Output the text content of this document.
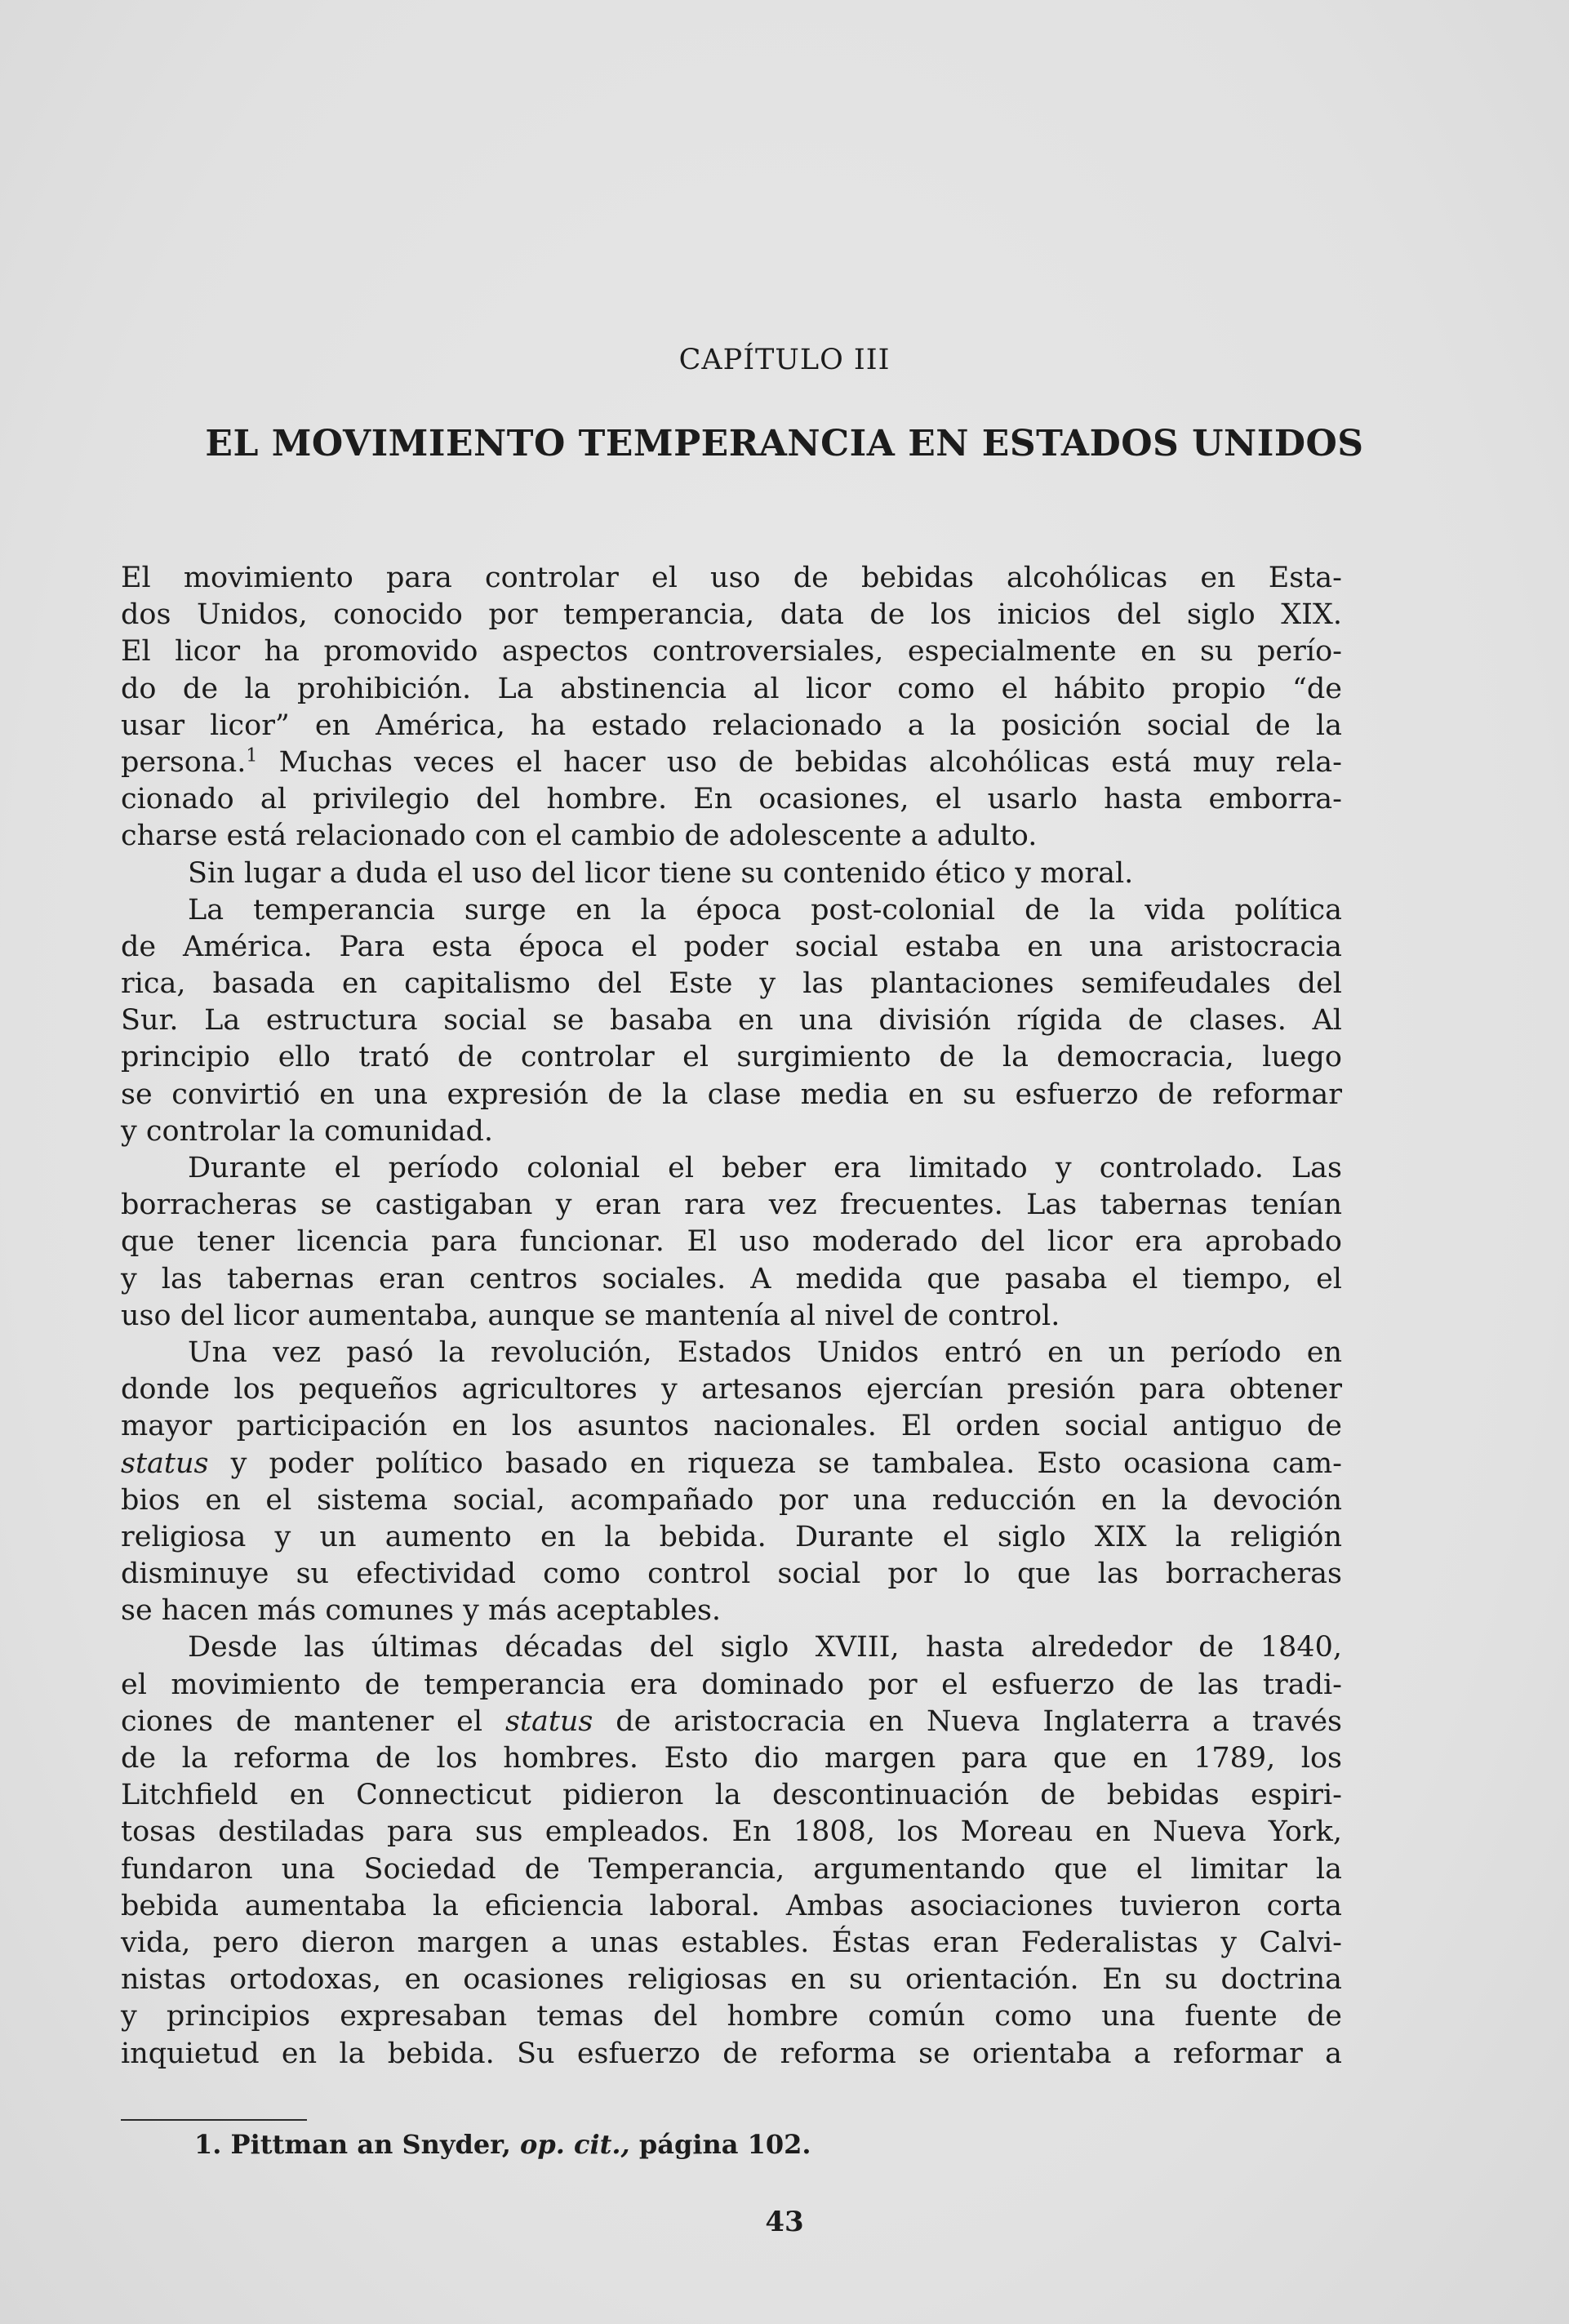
CAPÍTULO III
EL MOVIMIENTO TEMPERANCIA EN ESTADOS UNIDOS
El movimiento para controlar el uso de bebidas alcohólicas en Esta-
dos Unidos, conocido por temperancia, data de los inicios del siglo XIX.
El licor ha promovido aspectos controversiales, especialmente en su perío-
do de la prohibición. La abstinencia al licor como el hábito propio “de
usar licor” en América, ha estado relacionado a la posición social de la
persona.$^1$ Muchas veces el hacer uso de bebidas alcohólicas está muy rela-
cionado al privilegio del hombre. En ocasiones, el usarlo hasta emborra-
charse está relacionado con el cambio de adolescente a adulto.
Sin lugar a duda el uso del licor tiene su contenido ético y moral.
La temperancia surge en la época post-colonial de la vida política
de América. Para esta época el poder social estaba en una aristocracia
rica, basada en capitalismo del Este y las plantaciones semifeudales del
Sur. La estructura social se basaba en una división rígida de clases. Al
principio ello trató de controlar el surgimiento de la democracia, luego
se convirtió en una expresión de la clase media en su esfuerzo de reformar
y controlar la comunidad.
Durante el período colonial el beber era limitado y controlado. Las
borracheras se castigaban y eran rara vez frecuentes. Las tabernas tenían
que tener licencia para funcionar. El uso moderado del licor era aprobado
y las tabernas eran centros sociales. A medida que pasaba el tiempo, el
uso del licor aumentaba, aunque se mantenía al nivel de control.
Una vez pasó la revolución, Estados Unidos entró en un período en
donde los pequeños agricultores y artesanos ejercían presión para obtener
mayor participación en los asuntos nacionales. El orden social antiguo de
status y poder político basado en riqueza se tambalea. Esto ocasiona cam-
bios en el sistema social, acompañado por una reducción en la devoción
religiosa y un aumento en la bebida. Durante el siglo XIX la religión
disminuye su efectividad como control social por lo que las borracheras
se hacen más comunes y más aceptables.
Desde las últimas décadas del siglo XVIII, hasta alrededor de 1840,
el movimiento de temperancia era dominado por el esfuerzo de las tradi-
ciones de mantener el status de aristocracia en Nueva Inglaterra a través
de la reforma de los hombres. Esto dio margen para que en 1789, los
Litchfield en Connecticut pidieron la descontinuación de bebidas espiri-
tosas destiladas para sus empleados. En 1808, los Moreau en Nueva York,
fundaron una Sociedad de Temperancia, argumentando que el limitar la
bebida aumentaba la eficiencia laboral. Ambas asociaciones tuvieron corta
vida, pero dieron margen a unas estables. Éstas eran Federalistas y Calvi-
nistas ortodoxas, en ocasiones religiosas en su orientación. En su doctrina
y principios expresaban temas del hombre común como una fuente de
inquietud en la bebida. Su esfuerzo de reforma se orientaba a reformar a
1. Pittman an Snyder, op. cit., página 102.
43
